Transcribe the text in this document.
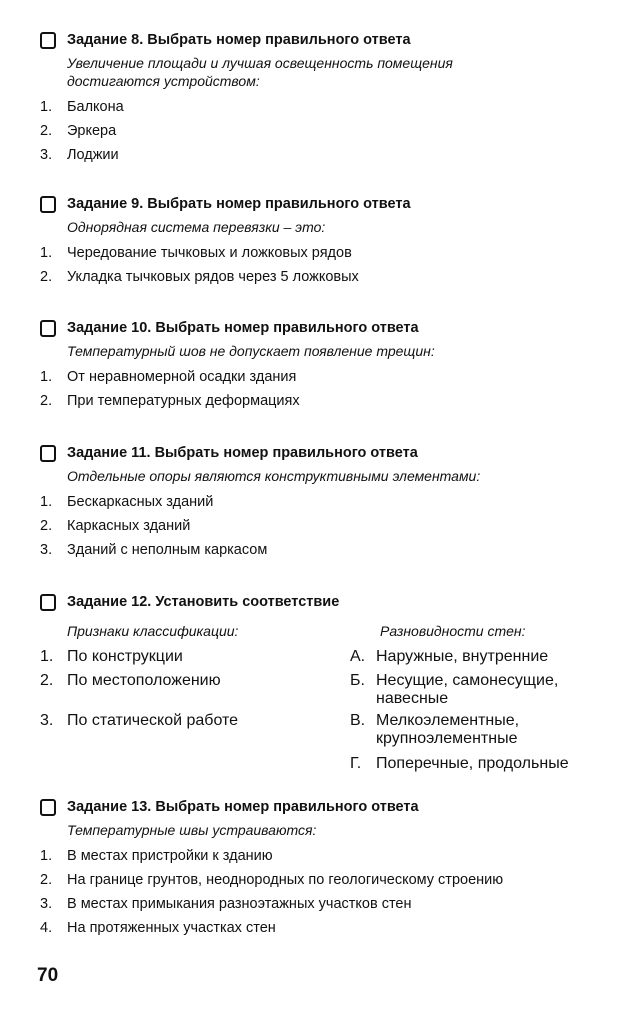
Задание 8. Выбрать номер правильного ответа

Увеличение площади и лучшая освещенность помещения достигаются устройством:

1. Балкона
2. Эркера
3. Лоджии
Задание 9. Выбрать номер правильного ответа

Однорядная система перевязки – это:

1. Чередование тычковых и ложковых рядов
2. Укладка тычковых рядов через 5 ложковых
Задание 10. Выбрать номер правильного ответа

Температурный шов не допускает появление трещин:

1. От неравномерной осадки здания
2. При температурных деформациях
Задание 11. Выбрать номер правильного ответа

Отдельные опоры являются конструктивными элементами:

1. Бескаркасных зданий
2. Каркасных зданий
3. Зданий с неполным каркасом
Задание 12. Установить соответствие
Признаки классификации:	Разновидности стен:
1. По конструкции
2. По местоположению
3. По статической работе
А. Наружные, внутренние
Б. Несущие, самонесущие, навесные
В. Мелкоэлементные, крупноэлементные
Г. Поперечные, продольные
Задание 13. Выбрать номер правильного ответа

Температурные швы устраиваются:

1. В местах пристройки к зданию
2. На границе грунтов, неоднородных по геологическому строению
3. В местах примыкания разноэтажных участков стен
4. На протяженных участках стен
70
